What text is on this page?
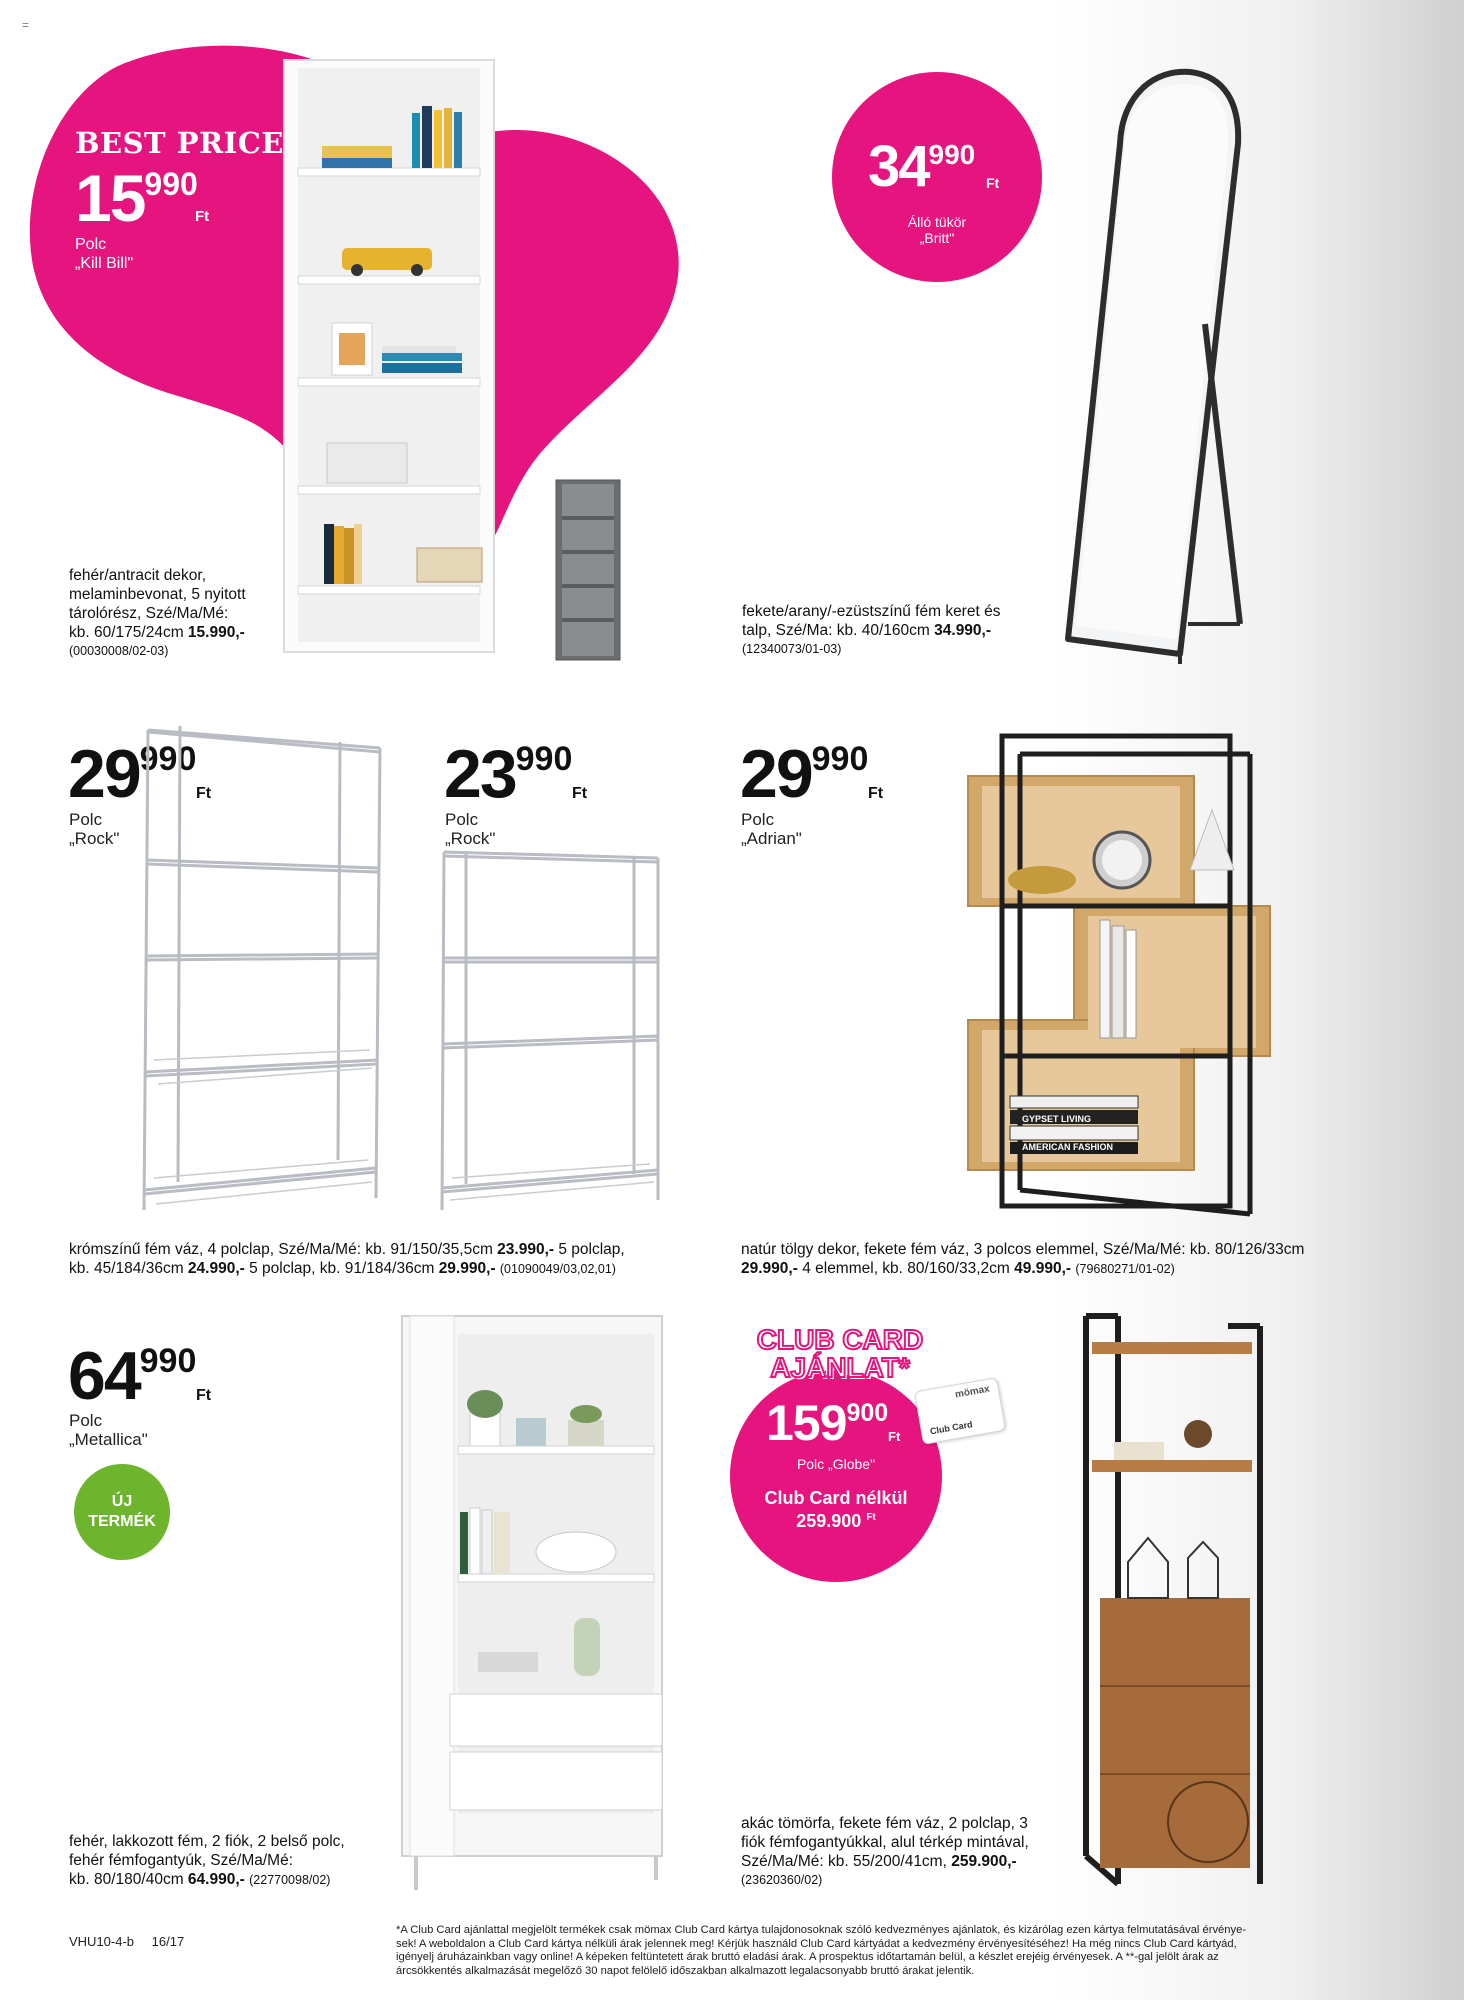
=
BEST PRICE
15990
Ft
Polc
„Kill Bill"
fehér/antracit dekor,
melaminbevonat, 5 nyitott
tárolórész, Szé/Ma/Mé:
kb. 60/175/24cm 15.990,-
(00030008/02-03)
34990
Ft
Álló tükör
„Britt"
fekete/arany/-ezüstszínű fém keret és
talp, Szé/Ma: kb. 40/160cm 34.990,-
(12340073/01-03)
29990
Ft
Polc
„Rock"
23990
Ft
Polc
„Rock"
krómszínű fém váz, 4 polclap, Szé/Ma/Mé: kb. 91/150/35,5cm 23.990,- 5 polclap,
kb. 45/184/36cm 24.990,- 5 polclap, kb. 91/184/36cm 29.990,- (01090049/03,02,01)
29990
Ft
Polc
„Adrian"
GYPSET LIVING
AMERICAN FASHION
natúr tölgy dekor, fekete fém váz, 3 polcos elemmel, Szé/Ma/Mé: kb. 80/126/33cm
29.990,- 4 elemmel, kb. 80/160/33,2cm 49.990,- (79680271/01-02)
64990
Ft
Polc
„Metallica"
ÚJ
TERMÉK
fehér, lakkozott fém, 2 fiók, 2 belső polc,
fehér fémfogantyúk, Szé/Ma/Mé:
kb. 80/180/40cm 64.990,- (22770098/02)
CLUB CARD
AJÁNLAT*
159900
Ft
Polc „Globe"
Club Card nélkül
259.900 $^{Ft}$
mömax
Club Card
akác tömörfa, fekete fém váz, 2 polclap, 3
fiók fémfogantyúkkal, alul térkép mintával,
Szé/Ma/Mé: kb. 55/200/41cm, 259.900,-
(23620360/02)
VHU10-4-b 16/17
*A Club Card ajánlattal megjelölt termékek csak mömax Club Card kártya tulajdonosoknak szóló kedvezményes ajánlatok, és kizárólag ezen kártya felmutatásával érvénye-
sek! A weboldalon a Club Card kártya nélküli árak jelennek meg! Kérjük használd Club Card kártyádat a kedvezmény érvényesítéséhez! Ha még nincs Club Card kártyád,
igényelj áruházainkban vagy online! A képeken feltüntetett árak bruttó eladási árak. A prospektus időtartamán belül, a készlet erejéig érvényesek. A **-gal jelölt árak az
árcsökkentés alkalmazását megelőző 30 napot felölelő időszakban alkalmazott legalacsonyabb bruttó árakat jelentik.
